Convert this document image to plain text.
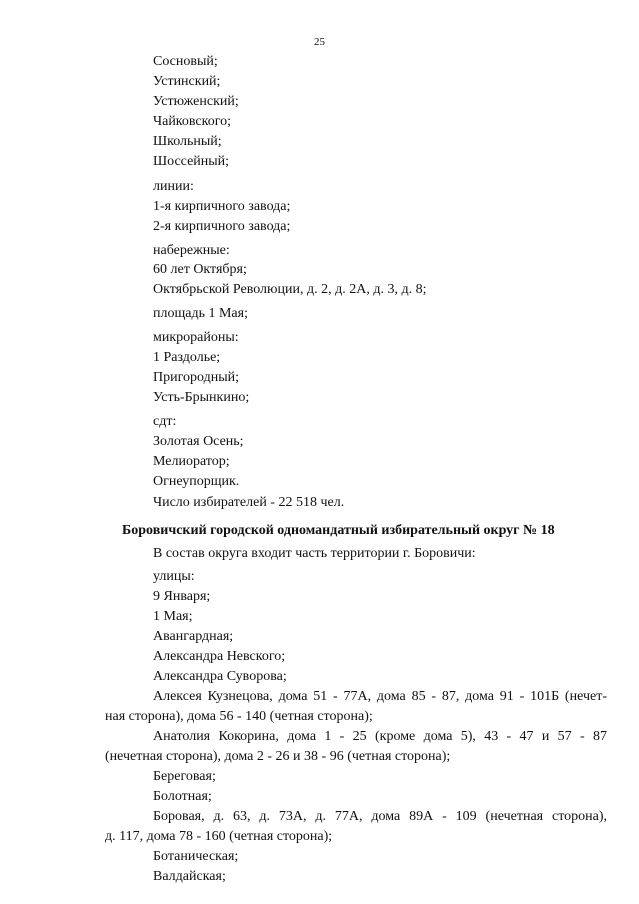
25
Сосновый;
Устинский;
Устюженский;
Чайковского;
Школьный;
Шоссейный;
линии:
1-я кирпичного завода;
2-я кирпичного завода;
набережные:
60 лет Октября;
Октябрьской Революции, д. 2, д. 2А, д. 3, д. 8;
площадь 1 Мая;
микрорайоны:
1 Раздолье;
Пригородный;
Усть-Брынкино;
сдт:
Золотая Осень;
Мелиоратор;
Огнеупорщик.
Число избирателей - 22 518 чел.
Боровичский городской одномандатный избирательный округ № 18
В состав округа входит часть территории г. Боровичи:
улицы:
9 Января;
1 Мая;
Авангардная;
Александра Невского;
Александра Суворова;
Алексея Кузнецова, дома 51 - 77А, дома 85 - 87, дома 91 - 101Б (нечет-
ная сторона), дома 56 - 140 (четная сторона);
Анатолия Кокорина, дома 1 - 25 (кроме дома 5), 43 - 47 и 57 - 87
(нечетная сторона), дома 2 - 26 и 38 - 96 (четная сторона);
Береговая;
Болотная;
Боровая, д. 63, д. 73А, д. 77А, дома 89А - 109 (нечетная сторона),
д. 117, дома 78 - 160 (четная сторона);
Ботаническая;
Валдайская;
